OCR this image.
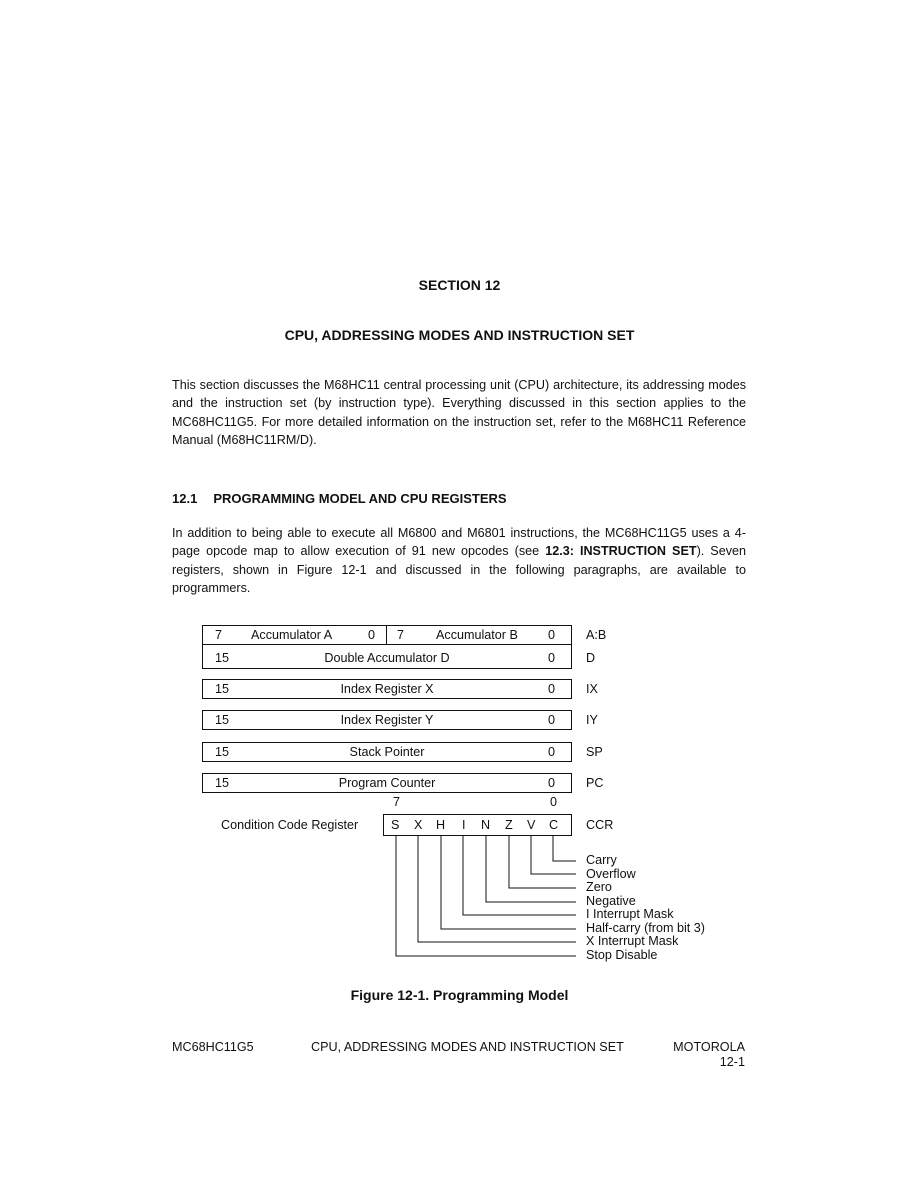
SECTION 12
CPU, ADDRESSING MODES AND INSTRUCTION SET
This section discusses the M68HC11 central processing unit (CPU) architecture, its addressing modes and the instruction set (by instruction type). Everything discussed in this section applies to the MC68HC11G5. For more detailed information on the instruction set, refer to the M68HC11 Reference Manual (M68HC11RM/D).
12.1 PROGRAMMING MODEL AND CPU REGISTERS
In addition to being able to execute all M6800 and M6801 instructions, the MC68HC11G5 uses a 4-page opcode map to allow execution of 91 new opcodes (see 12.3: INSTRUCTION SET). Seven registers, shown in Figure 12-1 and discussed in the following paragraphs, are available to programmers.
7 Accumulator A	0 7	Accumulator B 0 A:B
15	Double Accumulator D	0 D
15	Index Register X	0 IX
15	Index Register Y	0 IY
15	Stack Pointer	0 SP
15	Program Counter	0 PC
7	0
Condition Code Register	S X H I N Z V C CCR
Carry
Overflow
Zero
Negative
I Interrupt Mask
Half-carry (from bit 3)
X Interrupt Mask
Stop Disable
Figure 12-1. Programming Model
MC68HC11G5	CPU, ADDRESSING MODES AND INSTRUCTION SET	MOTOROLA
12-1
